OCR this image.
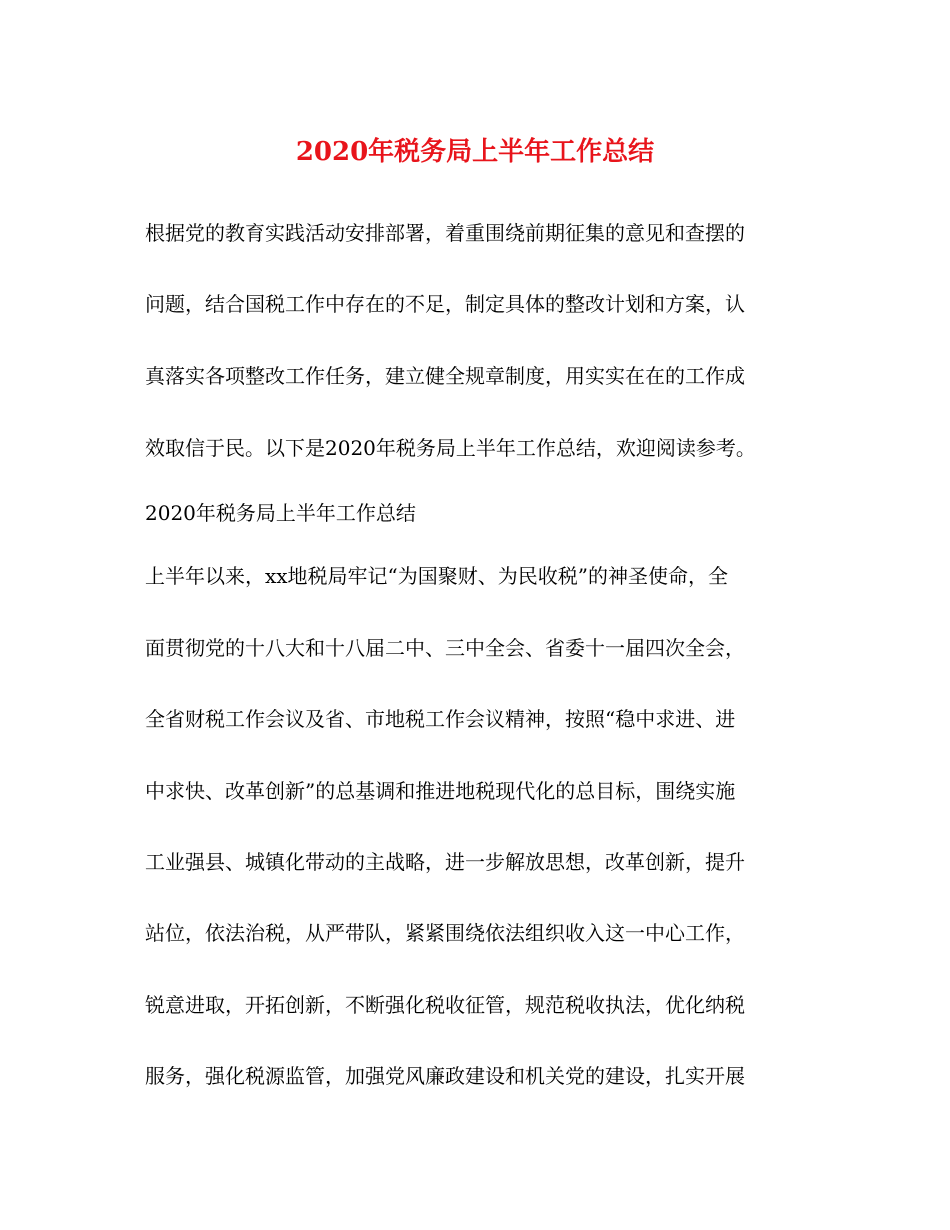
2020年税务局上半年工作总结

根据党的教育实践活动安排部署，着重围绕前期征集的意见和查摆的

问题，结合国税工作中存在的不足，制定具体的整改计划和方案，认

真落实各项整改工作任务，建立健全规章制度，用实实在在的工作成

效取信于民。以下是2020年税务局上半年工作总结，欢迎阅读参考。

2020年税务局上半年工作总结

上半年以来，xx地税局牢记“为国聚财、为民收税”的神圣使命，全

面贯彻党的十八大和十八届二中、三中全会、省委十一届四次全会，

全省财税工作会议及省、市地税工作会议精神，按照“稳中求进、进

中求快、改革创新”的总基调和推进地税现代化的总目标，围绕实施

工业强县、城镇化带动的主战略，进一步解放思想，改革创新，提升

站位，依法治税，从严带队，紧紧围绕依法组织收入这一中心工作，

锐意进取，开拓创新，不断强化税收征管，规范税收执法，优化纳税

服务，强化税源监管，加强党风廉政建设和机关党的建设，扎实开展
